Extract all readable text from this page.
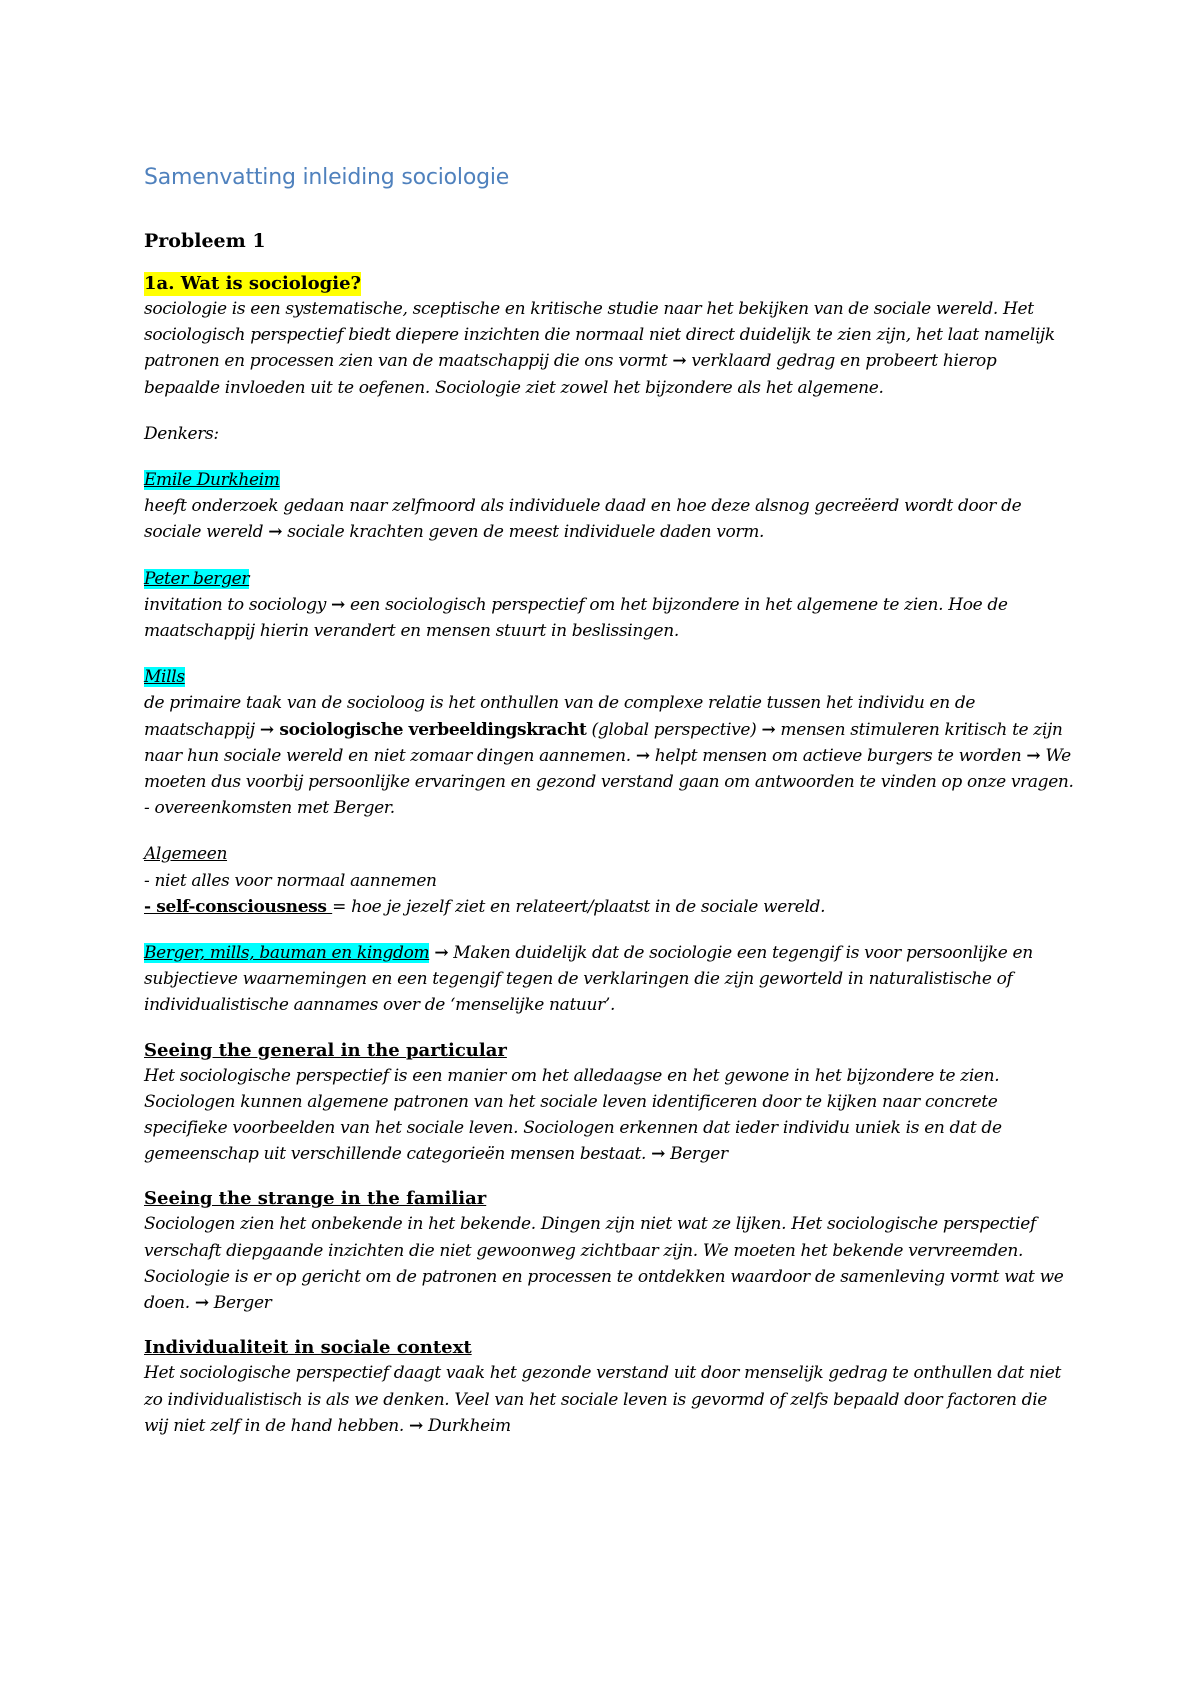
Samenvatting inleiding sociologie
Probleem 1
1a. Wat is sociologie?

sociologie is een systematische, sceptische en kritische studie naar het bekijken van de sociale wereld. Het sociologisch perspectief biedt diepere inzichten die normaal niet direct duidelijk te zien zijn, het laat namelijk patronen en processen zien van de maatschappij die ons vormt → verklaard gedrag en probeert hierop bepaalde invloeden uit te oefenen. Sociologie ziet zowel het bijzondere als het algemene.

Denkers:

Emile Durkheim
heeft onderzoek gedaan naar zelfmoord als individuele daad en hoe deze alsnog gecreëerd wordt door de sociale wereld → sociale krachten geven de meest individuele daden vorm.

Peter berger
invitation to sociology → een sociologisch perspectief om het bijzondere in het algemene te zien. Hoe de maatschappij hierin verandert en mensen stuurt in beslissingen.

Mills
de primaire taak van de socioloog is het onthullen van de complexe relatie tussen het individu en de maatschappij → sociologische verbeeldingskracht (global perspective) → mensen stimuleren kritisch te zijn naar hun sociale wereld en niet zomaar dingen aannemen. → helpt mensen om actieve burgers te worden → We moeten dus voorbij persoonlijke ervaringen en gezond verstand gaan om antwoorden te vinden op onze vragen.
- overeenkomsten met Berger.

Algemeen
- niet alles voor normaal aannemen
- self-consciousness = hoe je jezelf ziet en relateert/plaatst in de sociale wereld.

Berger, mills, bauman en kingdom → Maken duidelijk dat de sociologie een tegengif is voor persoonlijke en subjectieve waarnemingen en een tegengif tegen de verklaringen die zijn geworteld in naturalistische of individualistische aannames over de ‘menselijke natuur’.

Seeing the general in the particular

Het sociologische perspectief is een manier om het alledaagse en het gewone in het bijzondere te zien. Sociologen kunnen algemene patronen van het sociale leven identificeren door te kijken naar concrete specifieke voorbeelden van het sociale leven. Sociologen erkennen dat ieder individu uniek is en dat de gemeenschap uit verschillende categorieën mensen bestaat. → Berger

Seeing the strange in the familiar

Sociologen zien het onbekende in het bekende. Dingen zijn niet wat ze lijken. Het sociologische perspectief verschaft diepgaande inzichten die niet gewoonweg zichtbaar zijn. We moeten het bekende vervreemden. Sociologie is er op gericht om de patronen en processen te ontdekken waardoor de samenleving vormt wat we doen. → Berger

Individualiteit in sociale context

Het sociologische perspectief daagt vaak het gezonde verstand uit door menselijk gedrag te onthullen dat niet zo individualistisch is als we denken. Veel van het sociale leven is gevormd of zelfs bepaald door factoren die wij niet zelf in de hand hebben. → Durkheim
